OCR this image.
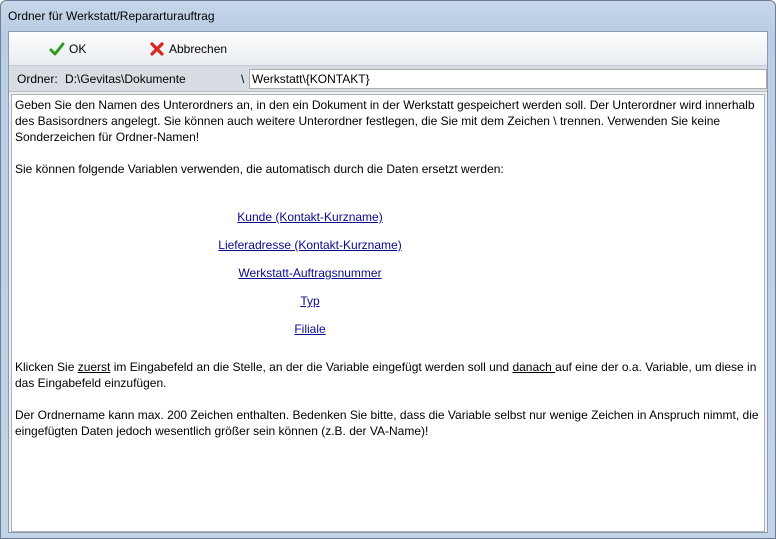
Ordner für Werkstatt/Repararturauftrag
OK	Abbrechen
Ordner: D:\Gevitas\Dokumente	\
Werkstatt\{KONTAKT}

Geben Sie den Namen des Unterordners an, in den ein Dokument in der Werkstatt gespeichert werden soll. Der Unterordner wird innerhalb des Basisordners angelegt. Sie können auch weitere Unterordner festlegen, die Sie mit dem Zeichen \ trennen. Verwenden Sie keine Sonderzeichen für Ordner-Namen!

Sie können folgende Variablen verwenden, die automatisch durch die Daten ersetzt werden:

Kunde (Kontakt-Kurzname)
Lieferadresse (Kontakt-Kurzname)
Werkstatt-Auftragsnummer
Typ
Filiale

Klicken Sie zuerst im Eingabefeld an die Stelle, an der die Variable eingefügt werden soll und danach auf eine der o.a. Variable, um diese in das Eingabefeld einzufügen.

Der Ordnername kann max. 200 Zeichen enthalten. Bedenken Sie bitte, dass die Variable selbst nur wenige Zeichen in Anspruch nimmt, die eingefügten Daten jedoch wesentlich größer sein können (z.B. der VA-Name)!
